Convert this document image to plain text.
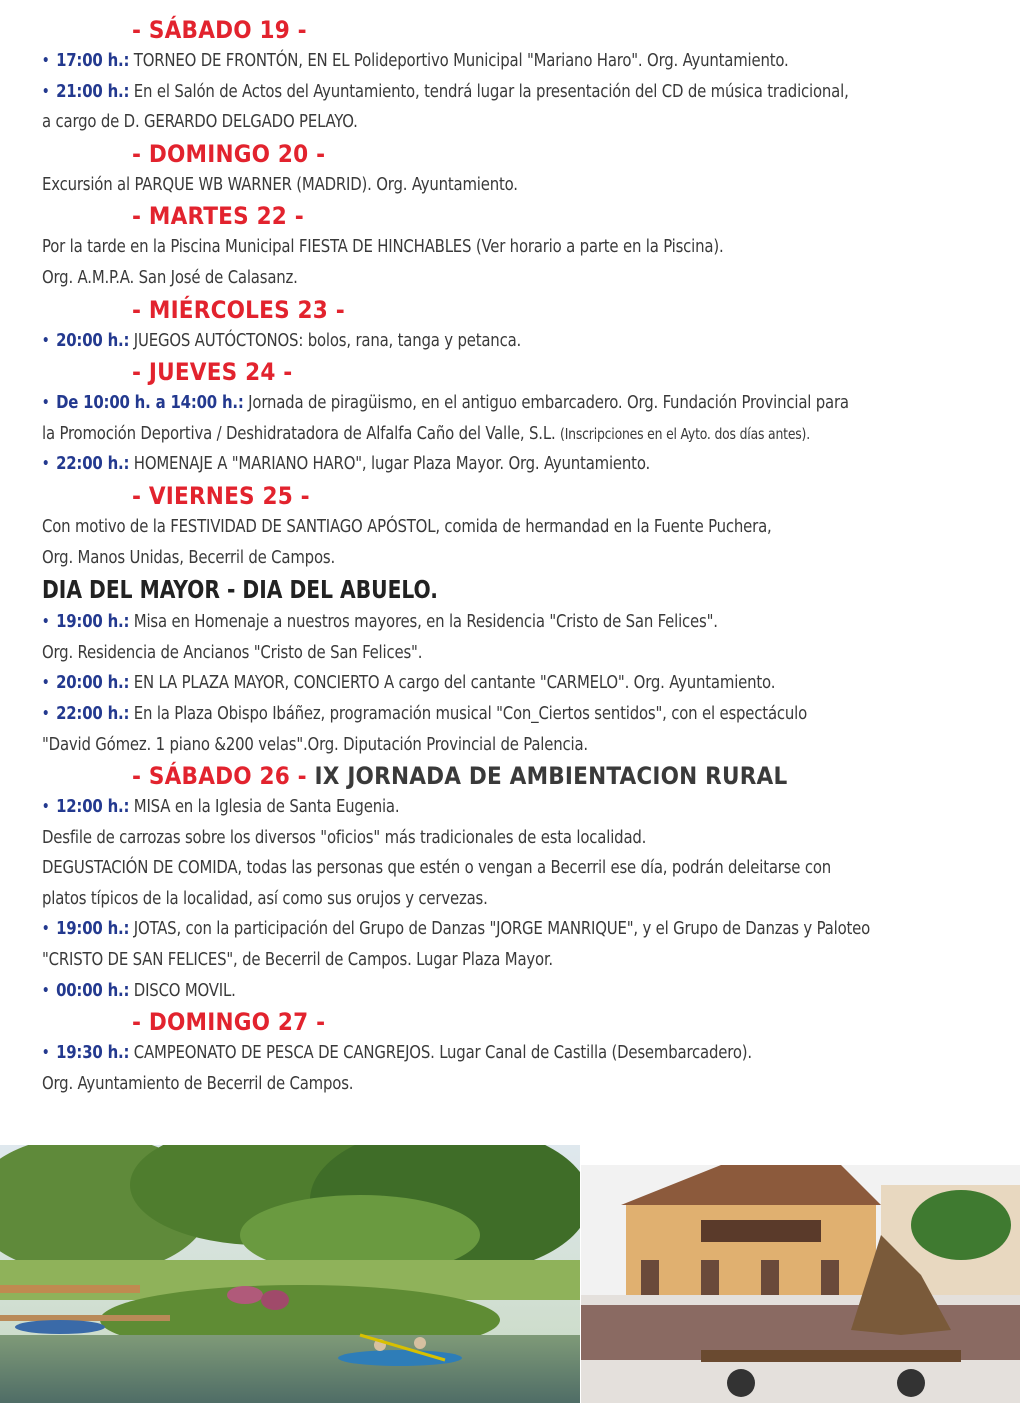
- SÁBADO 19 -
• 17:00 h.: TORNEO DE FRONTÓN, EN EL Polideportivo Municipal "Mariano Haro". Org. Ayuntamiento.
• 21:00 h.: En el Salón de Actos del Ayuntamiento, tendrá lugar la presentación del CD de música tradicional,
a cargo de D. GERARDO DELGADO PELAYO.
- DOMINGO 20 -
Excursión al PARQUE WB WARNER (MADRID). Org. Ayuntamiento.
- MARTES 22 -
Por la tarde en la Piscina Municipal FIESTA DE HINCHABLES (Ver horario a parte en la Piscina).
Org. A.M.P.A. San José de Calasanz.
- MIÉRCOLES 23 -
• 20:00 h.: JUEGOS AUTÓCTONOS: bolos, rana, tanga y petanca.
- JUEVES 24 -
• De 10:00 h. a 14:00 h.: Jornada de piragüismo, en el antiguo embarcadero. Org. Fundación Provincial para
la Promoción Deportiva / Deshidratadora de Alfalfa Caño del Valle, S.L. (Inscripciones en el Ayto. dos días antes).
• 22:00 h.: HOMENAJE A "MARIANO HARO", lugar Plaza Mayor. Org. Ayuntamiento.
- VIERNES 25 -
Con motivo de la FESTIVIDAD DE SANTIAGO APÓSTOL, comida de hermandad en la Fuente Puchera,
Org. Manos Unidas, Becerril de Campos.
DIA DEL MAYOR - DIA DEL ABUELO.
• 19:00 h.: Misa en Homenaje a nuestros mayores, en la Residencia "Cristo de San Felices".
Org. Residencia de Ancianos "Cristo de San Felices".
• 20:00 h.: EN LA PLAZA MAYOR, CONCIERTO A cargo del cantante "CARMELO". Org. Ayuntamiento.
• 22:00 h.: En la Plaza Obispo Ibáñez, programación musical "Con_Ciertos sentidos", con el espectáculo
"David Gómez. 1 piano &200 velas".Org. Diputación Provincial de Palencia.
- SÁBADO 26 - IX JORNADA DE AMBIENTACION RURAL
• 12:00 h.: MISA en la Iglesia de Santa Eugenia.
Desfile de carrozas sobre los diversos "oficios" más tradicionales de esta localidad.
DEGUSTACIÓN DE COMIDA, todas las personas que estén o vengan a Becerril ese día, podrán deleitarse con
platos típicos de la localidad, así como sus orujos y cervezas.
• 19:00 h.: JOTAS, con la participación del Grupo de Danzas "JORGE MANRIQUE", y el Grupo de Danzas y Paloteo
"CRISTO DE SAN FELICES", de Becerril de Campos. Lugar Plaza Mayor.
• 00:00 h.: DISCO MOVIL.
- DOMINGO 27 -
• 19:30 h.: CAMPEONATO DE PESCA DE CANGREJOS. Lugar Canal de Castilla (Desembarcadero).
Org. Ayuntamiento de Becerril de Campos.
